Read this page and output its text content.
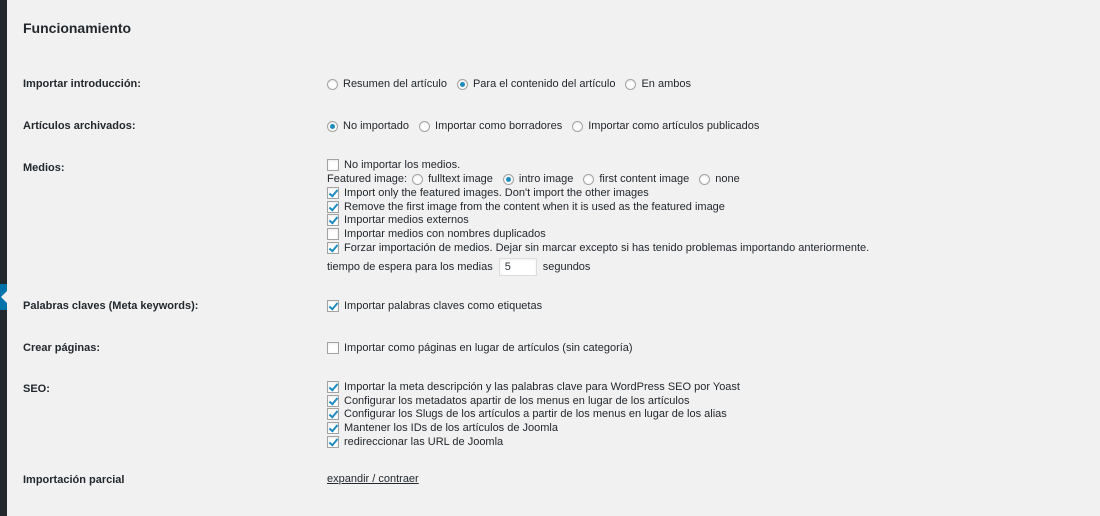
Funcionamiento
Importar introducción:	Resumen del artículo Para el contenido del artículo En ambos
Artículos archivados:	No importado Importar como borradores Importar como artículos publicados
Medios:	No importar los medios.
Featured image: fulltext image intro image first content image none
Import only the featured images. Don't import the other images
Remove the first image from the content when it is used as the featured image
Importar medios externos
Importar medios con nombres duplicados
Forzar importación de medios. Dejar sin marcar excepto si has tenido problemas importando anteriormente.
tiempo de espera para los medias
5	segundos
Palabras claves (Meta keywords):	Importar palabras claves como etiquetas
Crear páginas:	Importar como páginas en lugar de artículos (sin categoría)
SEO:	Importar la meta descripción y las palabras clave para WordPress SEO por Yoast
Configurar los metadatos apartir de los menus en lugar de los artículos
Configurar los Slugs de los artículos a partir de los menus en lugar de los alias
Mantener los IDs de los artículos de Joomla
redireccionar las URL de Joomla
Importación parcial	expandir / contraer
